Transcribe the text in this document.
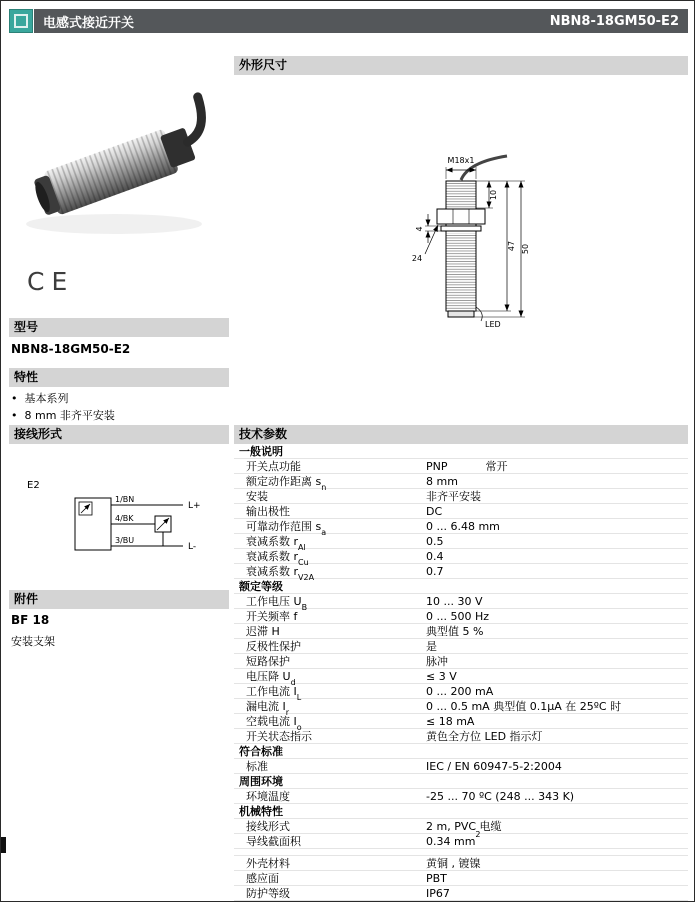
电感式接近开关	NBN8-18GM50-E2
CE
型号
NBN8-18GM50-E2
特性
• 基本系列
• 8 mm 非齐平安装
接线形式
E2
1/BN
4/BK
3/BU
L+
L-
附件
BF 18
安装支架
外形尺寸
M18x1
10
47 50
4
24
LED
技术参数
一般说明
开关点功能	PNP	常开
额定动作距离 $s_n$	8 mm
安装	非齐平安装
输出极性	DC
可靠动作范围 $s_a$	0 ... 6.48 mm
衰减系数 $r_{Al}$	0.5
衰减系数 $r_{Cu}$	0.4
衰减系数 $r_{V2A}$	0.7
额定等级
工作电压 $U_B$	10 ... 30 V
开关频率 f	0 ... 500 Hz
迟滞 H	典型值 5 %
反极性保护	是
短路保护	脉冲
电压降 $U_d$	≤ 3 V
工作电流 $I_L$	0 ... 200 mA
漏电流 $I_r$	0 ... 0.5 mA 典型值 0.1µA 在 25ºC 时
空载电流 $I_o$	≤ 18 mA
开关状态指示	黄色全方位 LED 指示灯
符合标准
标准	IEC / EN 60947-5-2:2004
周围环境
环境温度	-25 ... 70 ºC (248 ... 343 K)
机械特性
接线形式	2 m, PVC 电缆
导线截面积	0.34 $mm^2$
外壳材料	黄铜 , 镀镍
感应面	PBT
防护等级	IP67
